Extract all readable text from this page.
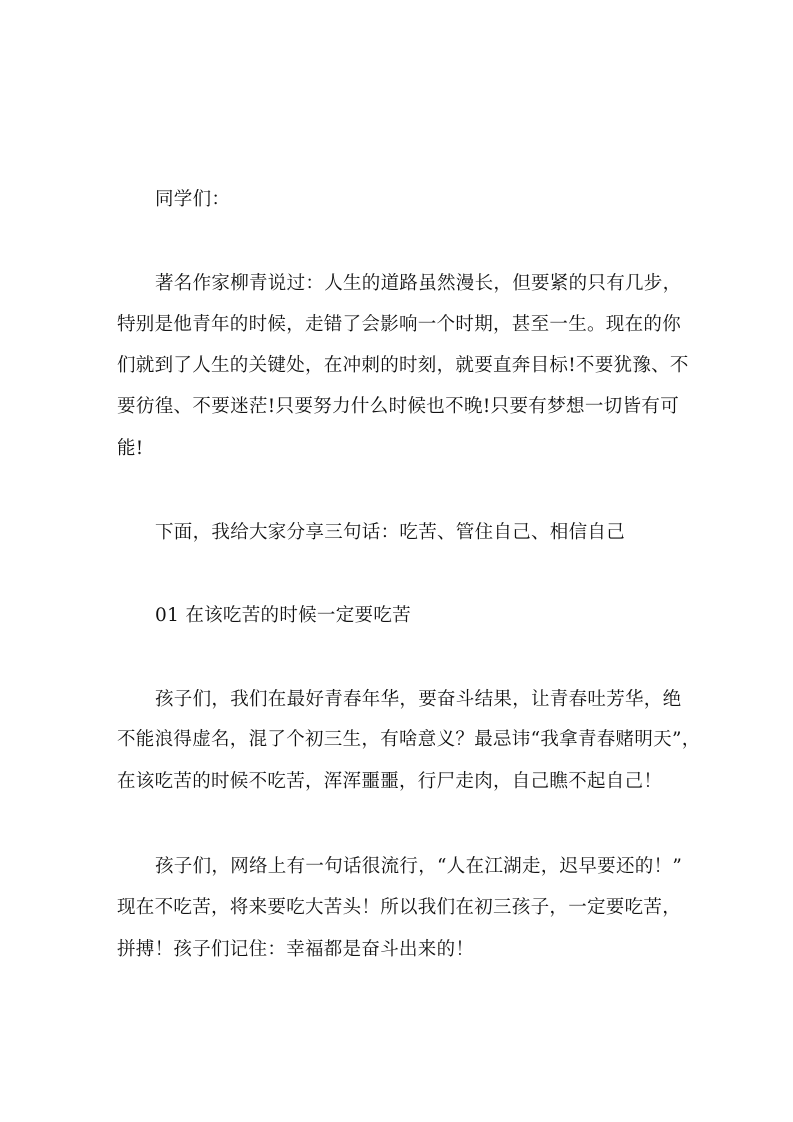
同学们：
著名作家柳青说过：人生的道路虽然漫长，但要紧的只有几步，
特别是他青年的时候，走错了会影响一个时期，甚至一生。现在的你
们就到了人生的关键处，在冲刺的时刻，就要直奔目标!不要犹豫、不
要彷徨、不要迷茫!只要努力什么时候也不晚!只要有梦想一切皆有可
能!
下面，我给大家分享三句话：吃苦、管住自己、相信自己
01 在该吃苦的时候一定要吃苦
孩子们，我们在最好青春年华，要奋斗结果，让青春吐芳华，绝
不能浪得虚名，混了个初三生，有啥意义？最忌讳“我拿青春赌明天”，
在该吃苦的时候不吃苦，浑浑噩噩，行尸走肉，自己瞧不起自己！
孩子们，网络上有一句话很流行，“人在江湖走，迟早要还的！”
现在不吃苦，将来要吃大苦头！所以我们在初三孩子，一定要吃苦，
拼搏！孩子们记住：幸福都是奋斗出来的！
